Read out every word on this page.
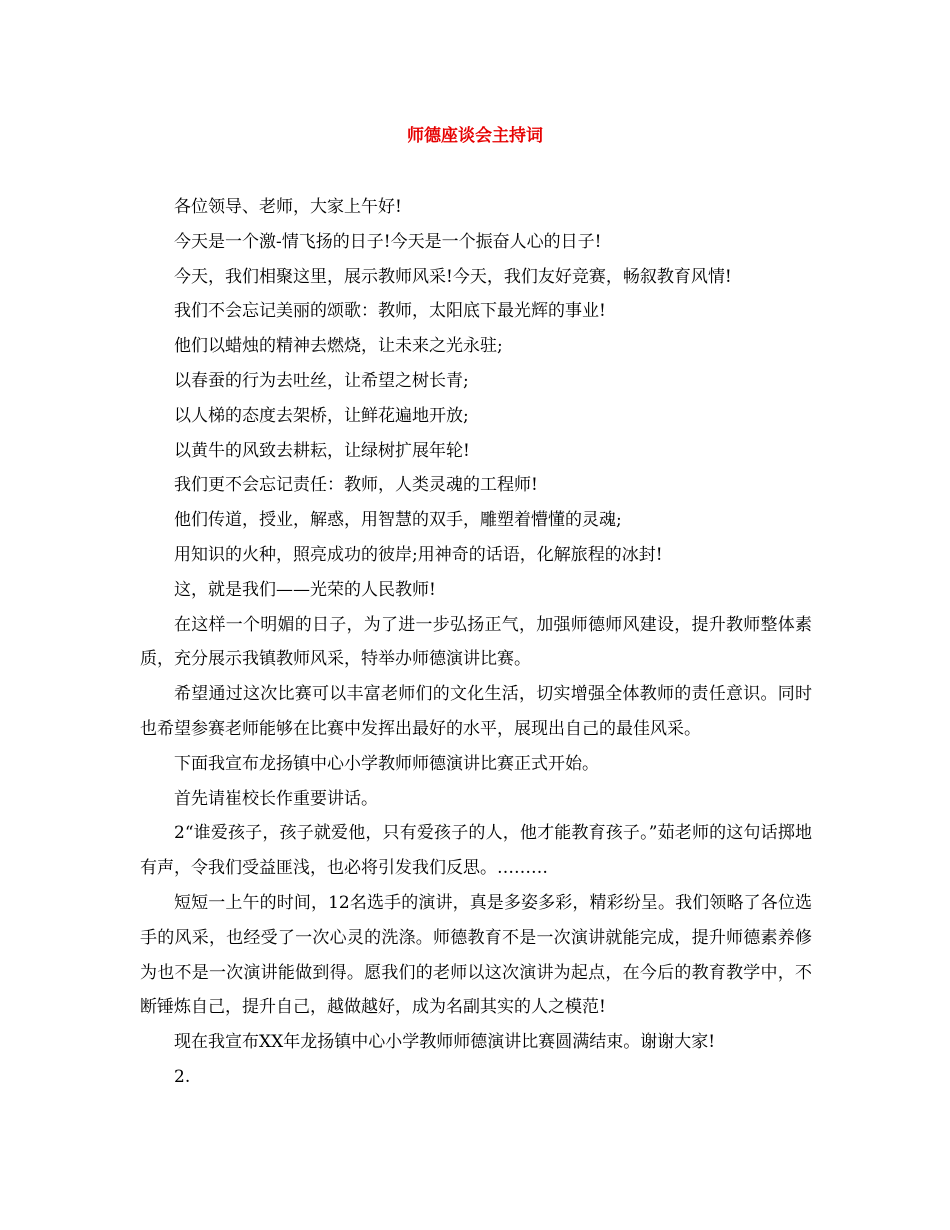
师德座谈会主持词

各位领导、老师，大家上午好!

今天是一个激-情飞扬的日子!今天是一个振奋人心的日子!

今天，我们相聚这里，展示教师风采!今天，我们友好竞赛，畅叙教育风情!

我们不会忘记美丽的颂歌：教师，太阳底下最光辉的事业!

他们以蜡烛的精神去燃烧，让未来之光永驻;

以春蚕的行为去吐丝，让希望之树长青;

以人梯的态度去架桥，让鲜花遍地开放;

以黄牛的风致去耕耘，让绿树扩展年轮!

我们更不会忘记责任：教师，人类灵魂的工程师!

他们传道，授业，解惑，用智慧的双手，雕塑着懵懂的灵魂;

用知识的火种，照亮成功的彼岸;用神奇的话语，化解旅程的冰封!

这，就是我们——光荣的人民教师!

在这样一个明媚的日子，为了进一步弘扬正气，加强师德师风建设，提升教师整体素质，充分展示我镇教师风采，特举办师德演讲比赛。

希望通过这次比赛可以丰富老师们的文化生活，切实增强全体教师的责任意识。同时也希望参赛老师能够在比赛中发挥出最好的水平，展现出自己的最佳风采。

下面我宣布龙扬镇中心小学教师师德演讲比赛正式开始。

首先请崔校长作重要讲话。

2“谁爱孩子，孩子就爱他，只有爱孩子的人，他才能教育孩子。”茹老师的这句话掷地有声，令我们受益匪浅，也必将引发我们反思。………

短短一上午的时间，12名选手的演讲，真是多姿多彩，精彩纷呈。我们领略了各位选手的风采，也经受了一次心灵的洗涤。师德教育不是一次演讲就能完成，提升师德素养修为也不是一次演讲能做到得。愿我们的老师以这次演讲为起点，在今后的教育教学中，不断锤炼自己，提升自己，越做越好，成为名副其实的人之模范!

现在我宣布XX年龙扬镇中心小学教师师德演讲比赛圆满结束。谢谢大家!

2.
